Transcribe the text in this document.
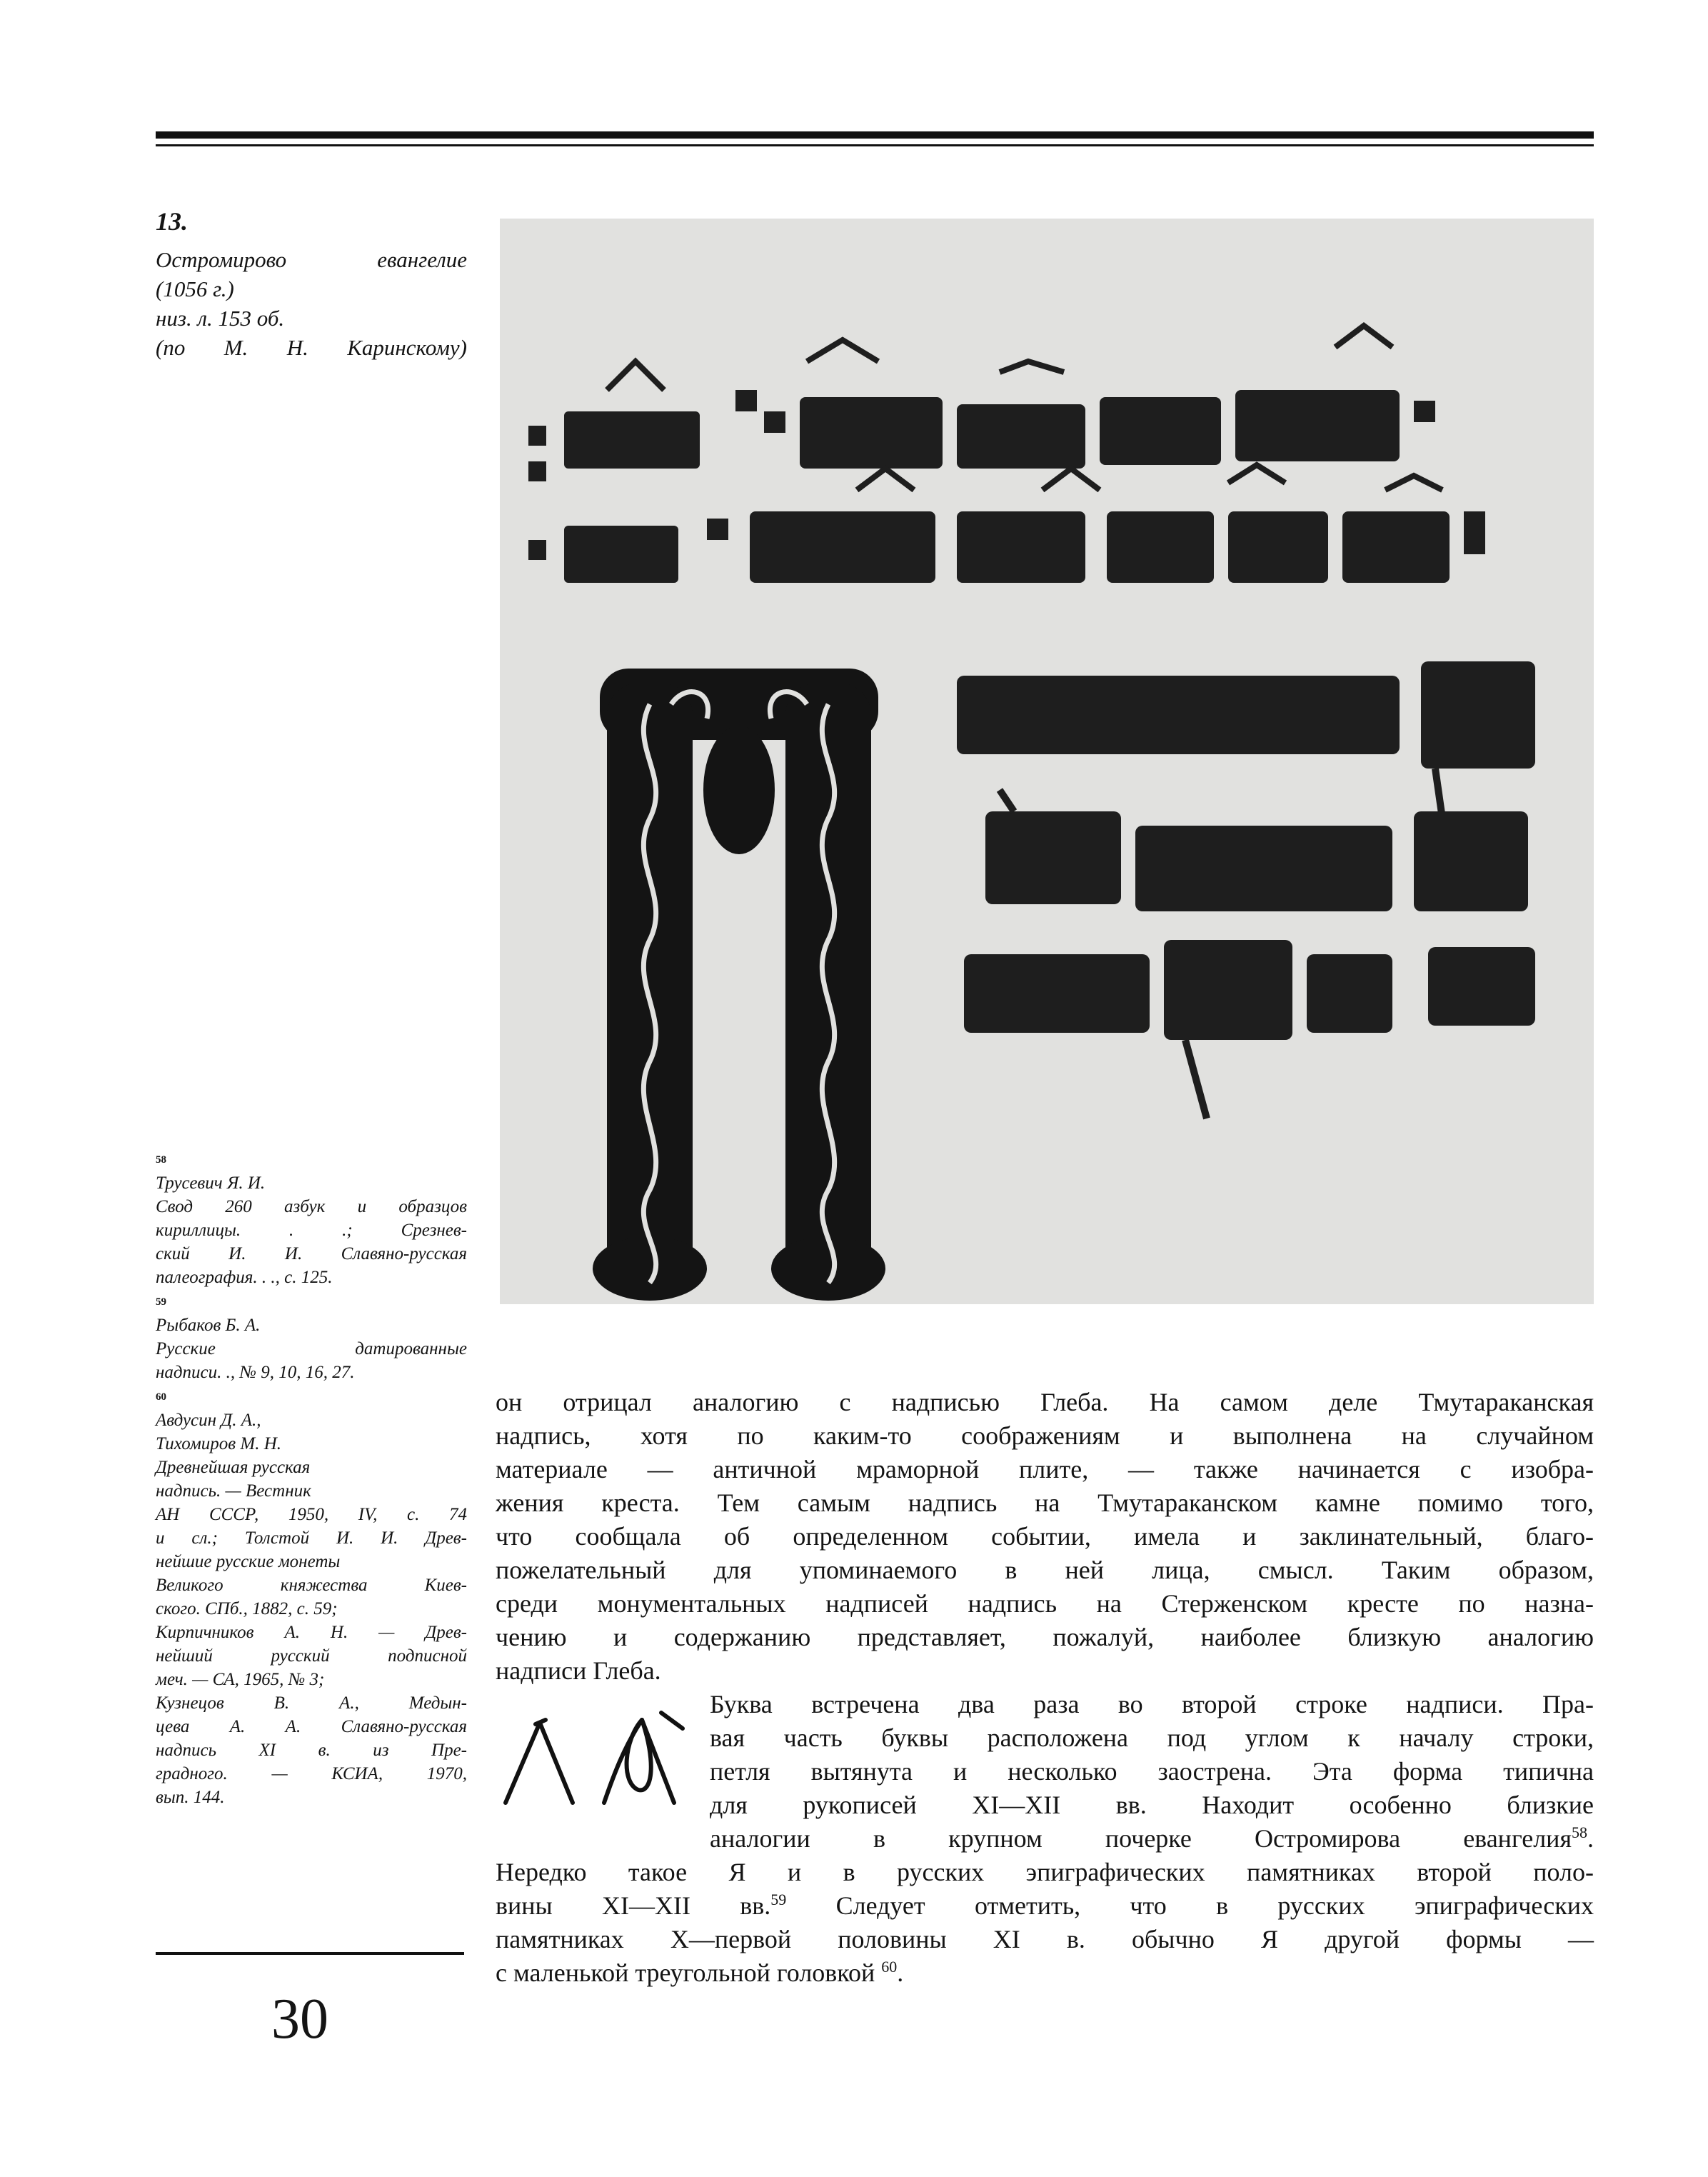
13.
Остромирово евангелие
(1056 г.)
низ. л. 153 об.
(по М. Н. Каринскому)
58
Трусевич Я. И.
Свод 260 азбук и образцов
кириллицы. . .; Срезнев-
ский И. И. Славяно-русская
палеография. . ., с. 125.
59
Рыбаков Б. А.
Русские датированные
надписи. ., № 9, 10, 16, 27.
60
Авдусин Д. А.,
Тихомиров М. Н.
Древнейшая русская
надпись. — Вестник
АН СССР, 1950, IV, с. 74
и сл.; Толстой И. И. Древ-
нейшие русские монеты
Великого княжества Киев-
ского. СПб., 1882, с. 59;
Кирпичников А. Н. — Древ-
нейший русский подписной
меч. — СА, 1965, № 3;
Кузнецов В. А., Медын-
цева А. А. Славяно-русская
надпись XI в. из Пре-
градного. — КСИА, 1970,
вып. 144.
он отрицал аналогию с надписью Глеба. На самом деле Тмутараканская
надпись, хотя по каким-то соображениям и выполнена на случайном
материале — античной мраморной плите, — также начинается с изобра-
жения креста. Тем самым надпись на Тмутараканском камне помимо того,
что сообщала об определенном событии, имела и заклинательный, благо-
пожелательный для упоминаемого в ней лица, смысл. Таким образом,
среди монументальных надписей надпись на Стерженском кресте по назна-
чению и содержанию представляет, пожалуй, наиболее близкую аналогию
надписи Глеба.
Буква встречена два раза во второй строке надписи. Пра-
вая часть буквы расположена под углом к началу строки,
петля вытянута и несколько заострена. Эта форма типична
для рукописей XI—XII вв. Находит особенно близкие
аналогии в крупном почерке Остромирова евангелия$^{58}$.
Нередко такое Я и в русских эпиграфических памятниках второй поло-
вины XI—XII вв.$^{59}$ Следует отметить, что в русских эпиграфических
памятниках X—первой половины XI в. обычно Я другой формы —
с маленькой треугольной головкой $^{60}$.
30
